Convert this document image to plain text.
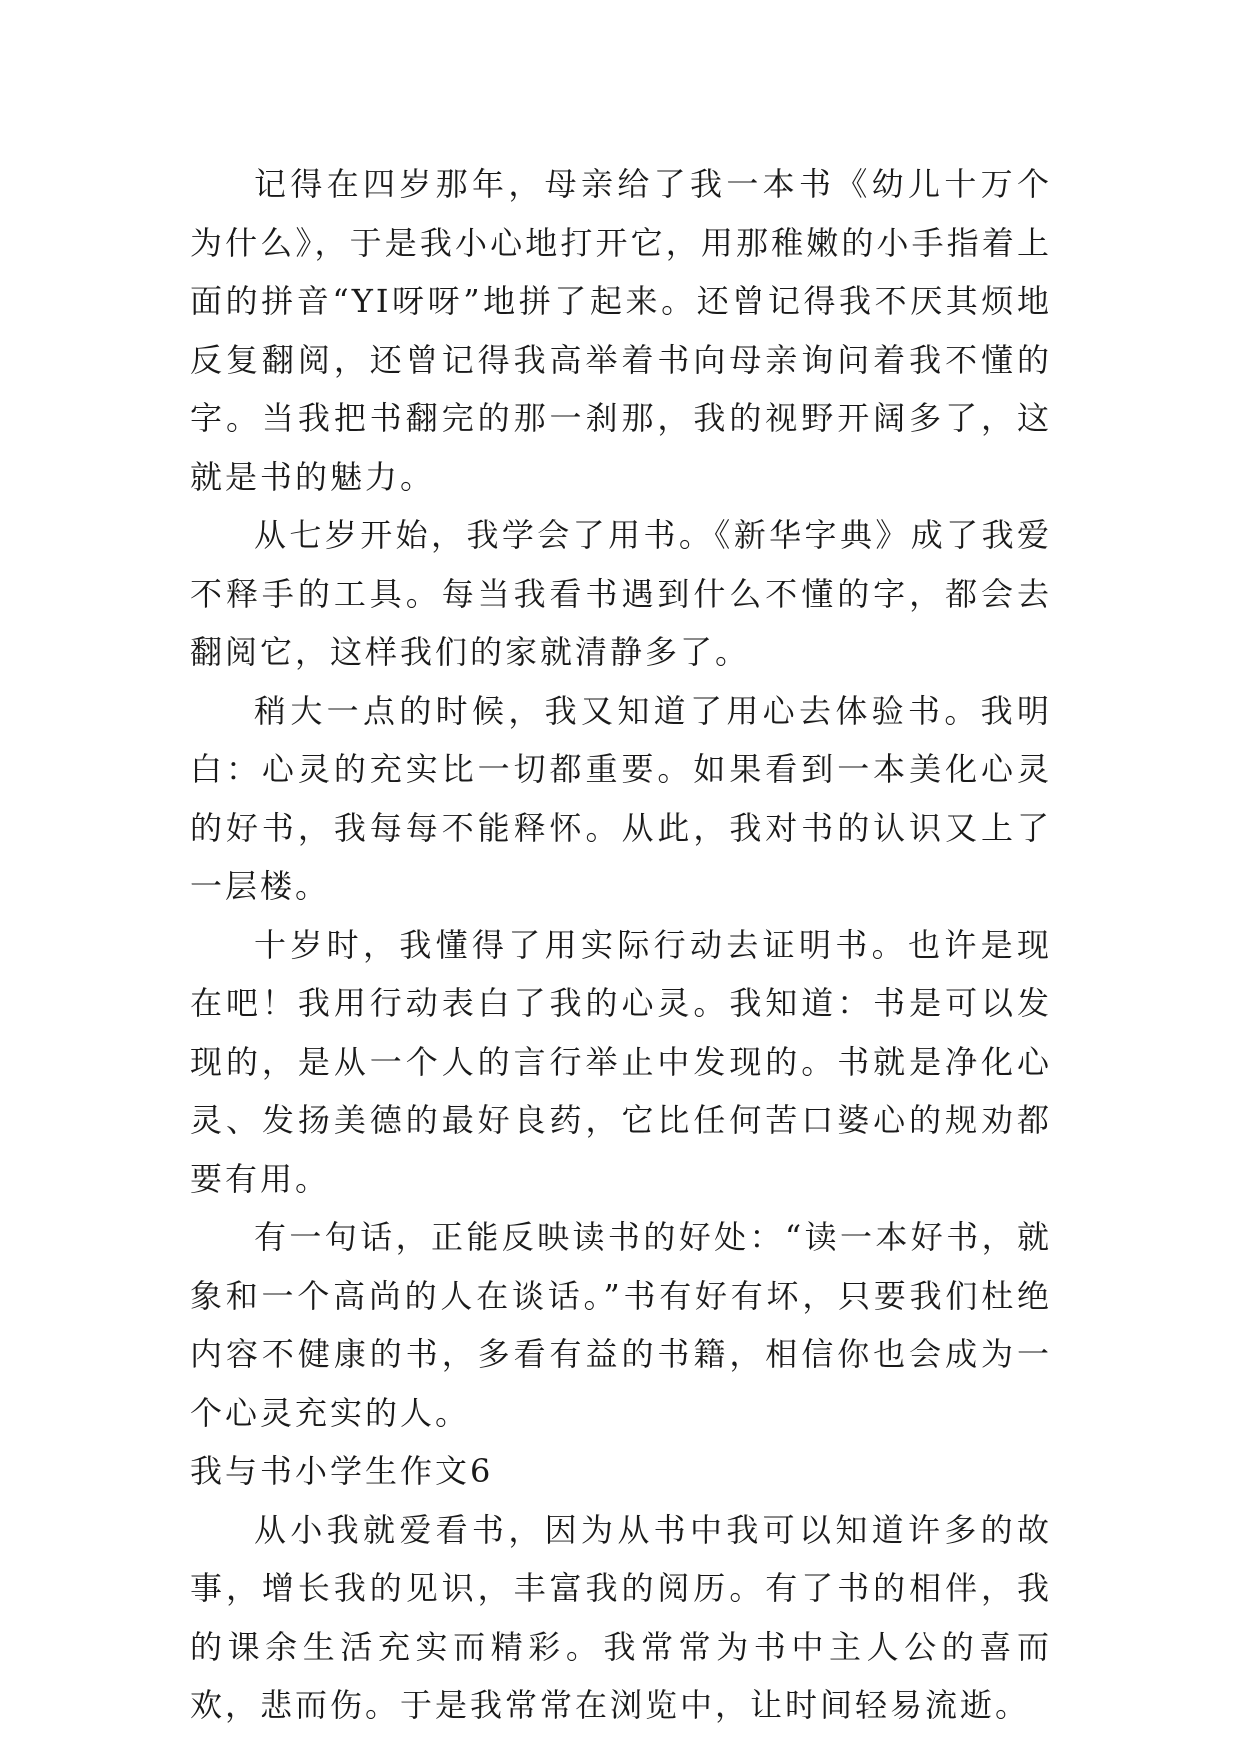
记得在四岁那年，母亲给了我一本书《幼儿十万个为什么》，于是我小心地打开它，用那稚嫩的小手指着上面的拼音“YI呀呀”地拼了起来。还曾记得我不厌其烦地反复翻阅，还曾记得我高举着书向母亲询问着我不懂的字。当我把书翻完的那一刹那，我的视野开阔多了，这就是书的魅力。

从七岁开始，我学会了用书。《新华字典》成了我爱不释手的工具。每当我看书遇到什么不懂的字，都会去翻阅它，这样我们的家就清静多了。

稍大一点的时候，我又知道了用心去体验书。我明白：心灵的充实比一切都重要。如果看到一本美化心灵的好书，我每每不能释怀。从此，我对书的认识又上了一层楼。

十岁时，我懂得了用实际行动去证明书。也许是现在吧！我用行动表白了我的心灵。我知道：书是可以发现的，是从一个人的言行举止中发现的。书就是净化心灵、发扬美德的最好良药，它比任何苦口婆心的规劝都要有用。

有一句话，正能反映读书的好处：“读一本好书，就象和一个高尚的人在谈话。”书有好有坏，只要我们杜绝内容不健康的书，多看有益的书籍，相信你也会成为一个心灵充实的人。

我与书小学生作文6

从小我就爱看书，因为从书中我可以知道许多的故事，增长我的见识，丰富我的阅历。有了书的相伴，我的课余生活充实而精彩。我常常为书中主人公的喜而欢，悲而伤。于是我常常在浏览中，让时间轻易流逝。
